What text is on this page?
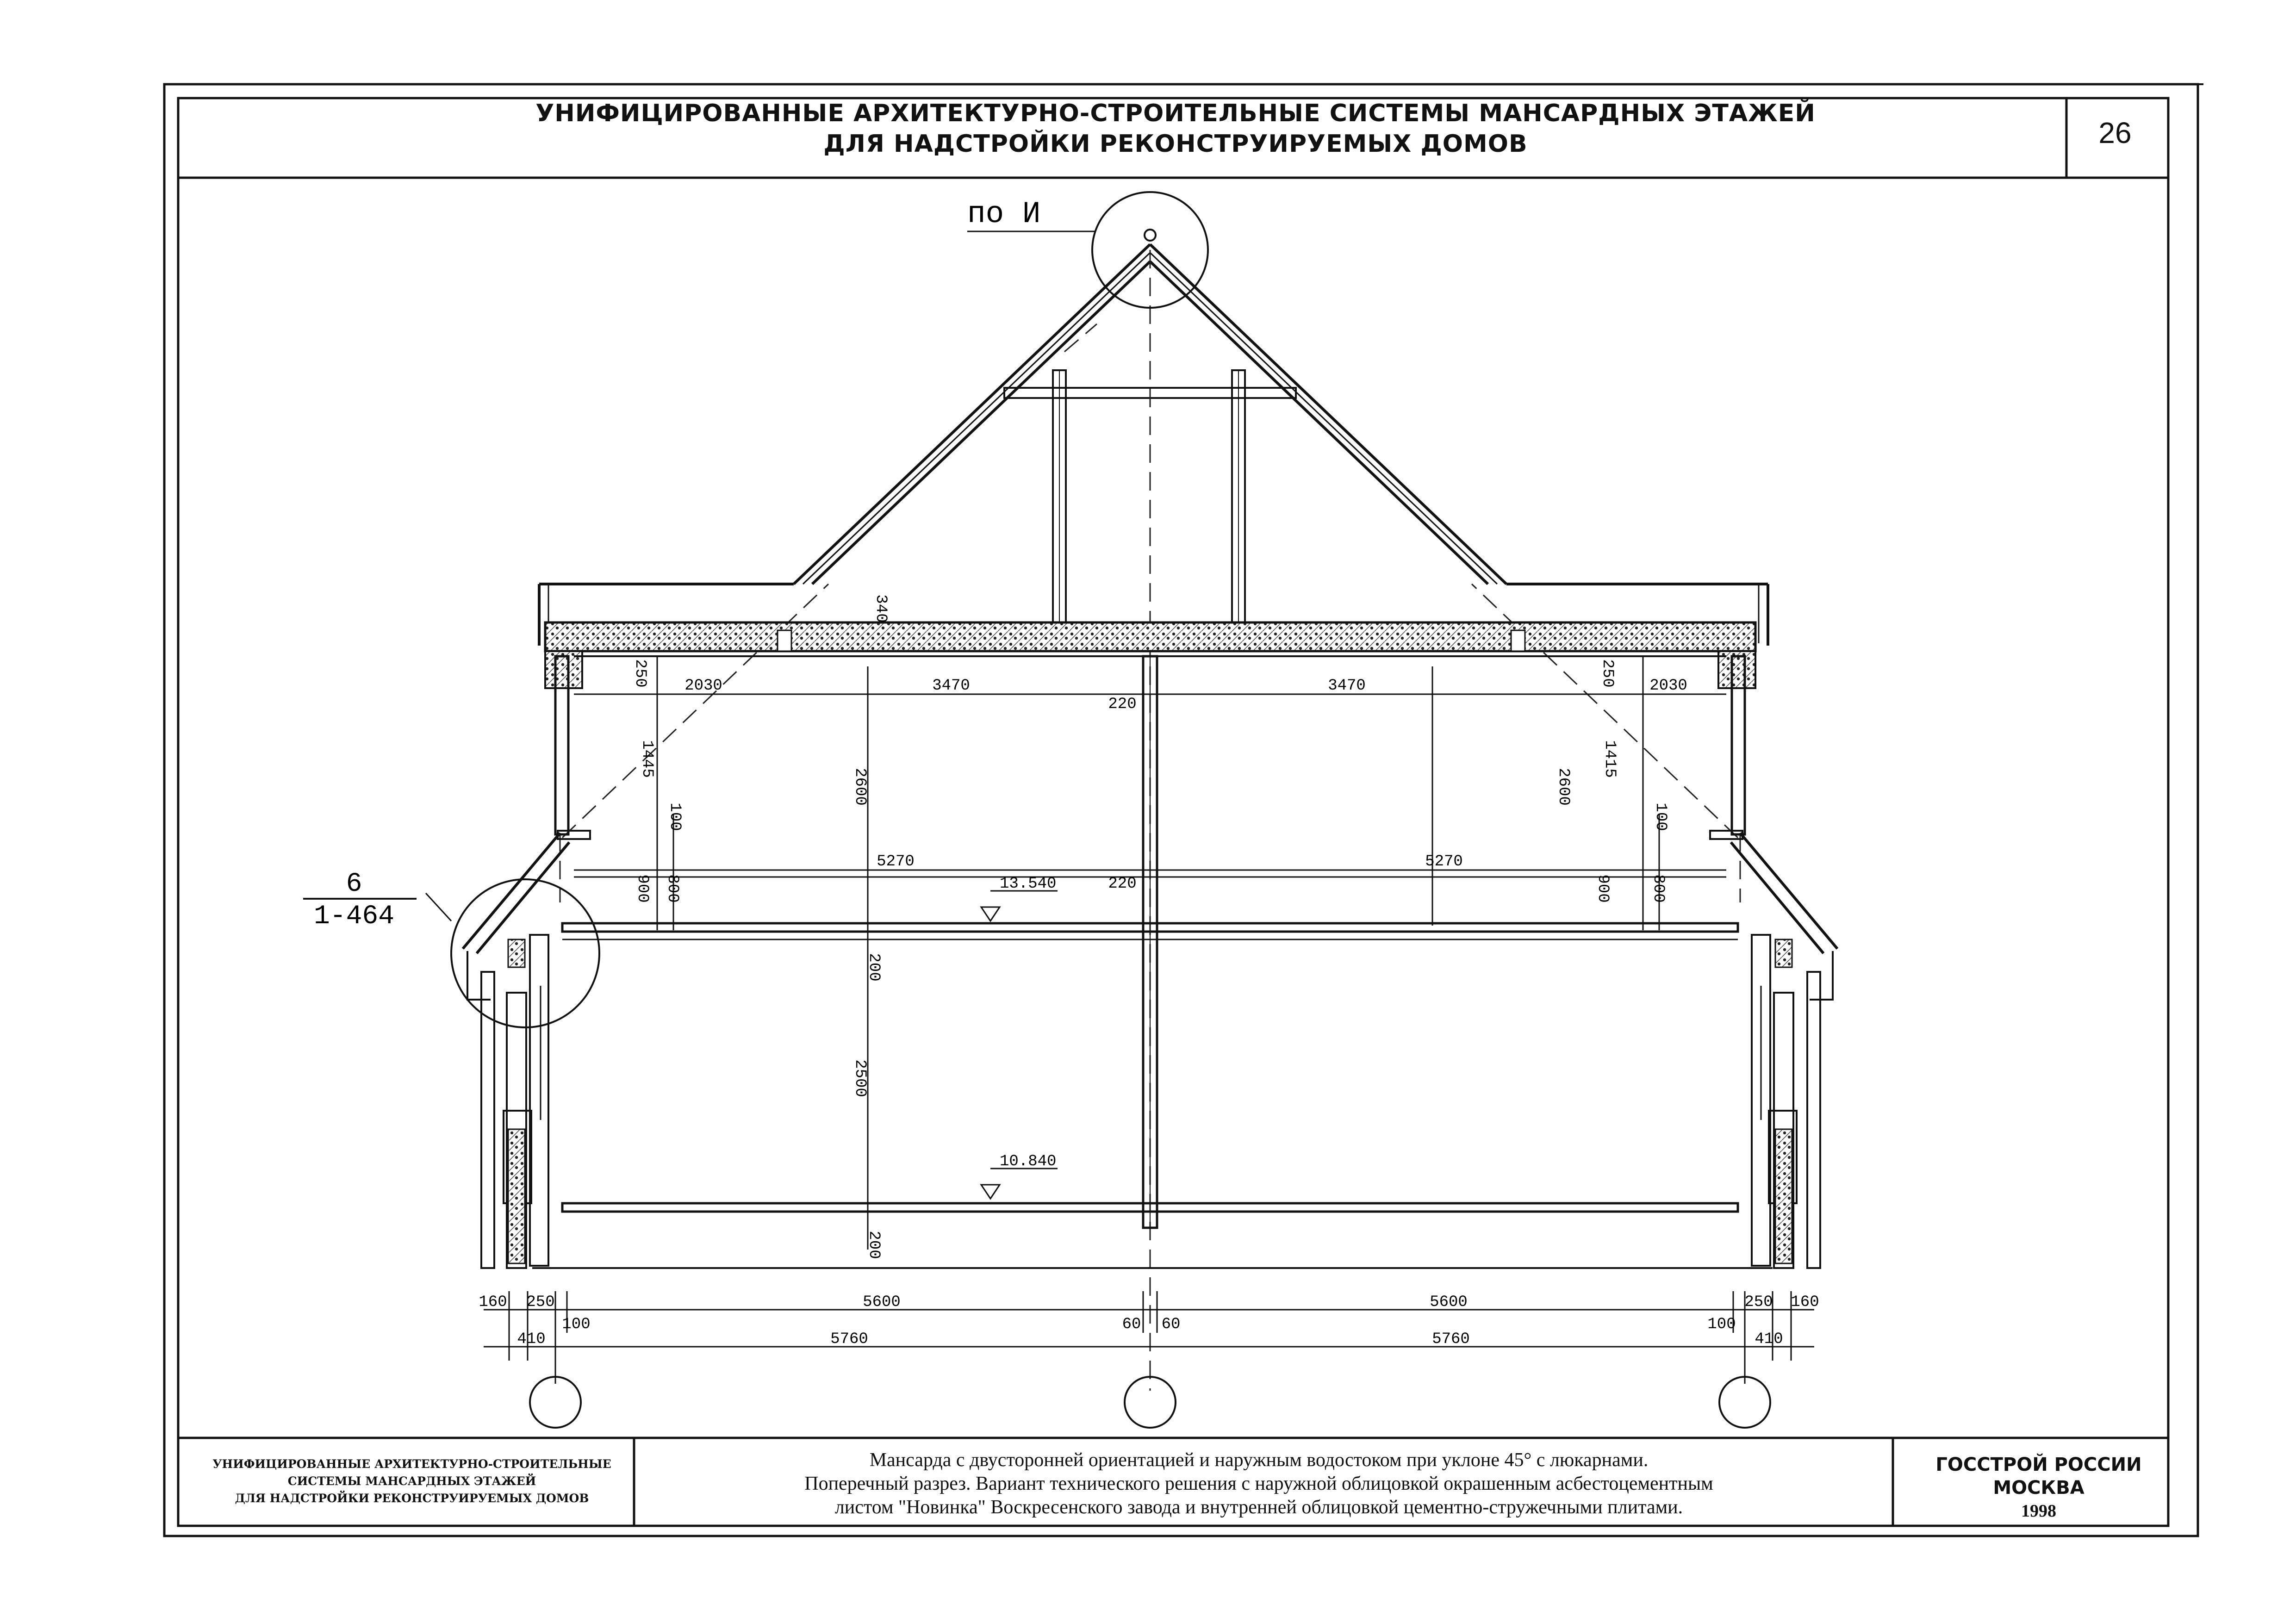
по И
6
1-464
13.540
10.840
2030	3470	3470	2030
220
5270
220
5270
160 250
100
5600
60 60
5600
100
250 160
410	5760	5760	410
340
250	250
1445	1415
2600	2600
100	100
900 800	900 800
200
2500
200
УНИФИЦИРОВАННЫЕ АРХИТЕКТУРНО-СТРОИТЕЛЬНЫЕ СИСТЕМЫ МАНСАРДНЫХ ЭТАЖЕЙ
ДЛЯ НАДСТРОЙКИ РЕКОНСТРУИРУЕМЫХ ДОМОВ	26
УНИФИЦИРОВАННЫЕ АРХИТЕКТУРНО-СТРОИТЕЛЬНЫЕ
СИСТЕМЫ МАНСАРДНЫХ ЭТАЖЕЙ
ДЛЯ НАДСТРОЙКИ РЕКОНСТРУИРУЕМЫХ ДОМОВ
Мансарда с двусторонней ориентацией и наружным водостоком при уклоне 45° с люкарнами.
Поперечный разрез. Вариант технического решения с наружной облицовкой окрашенным асбестоцементным
листом "Новинка" Воскресенского завода и внутренней облицовкой цементно-стружечными плитами.
ГОССТРОЙ РОССИИ
МОСКВА
1998
